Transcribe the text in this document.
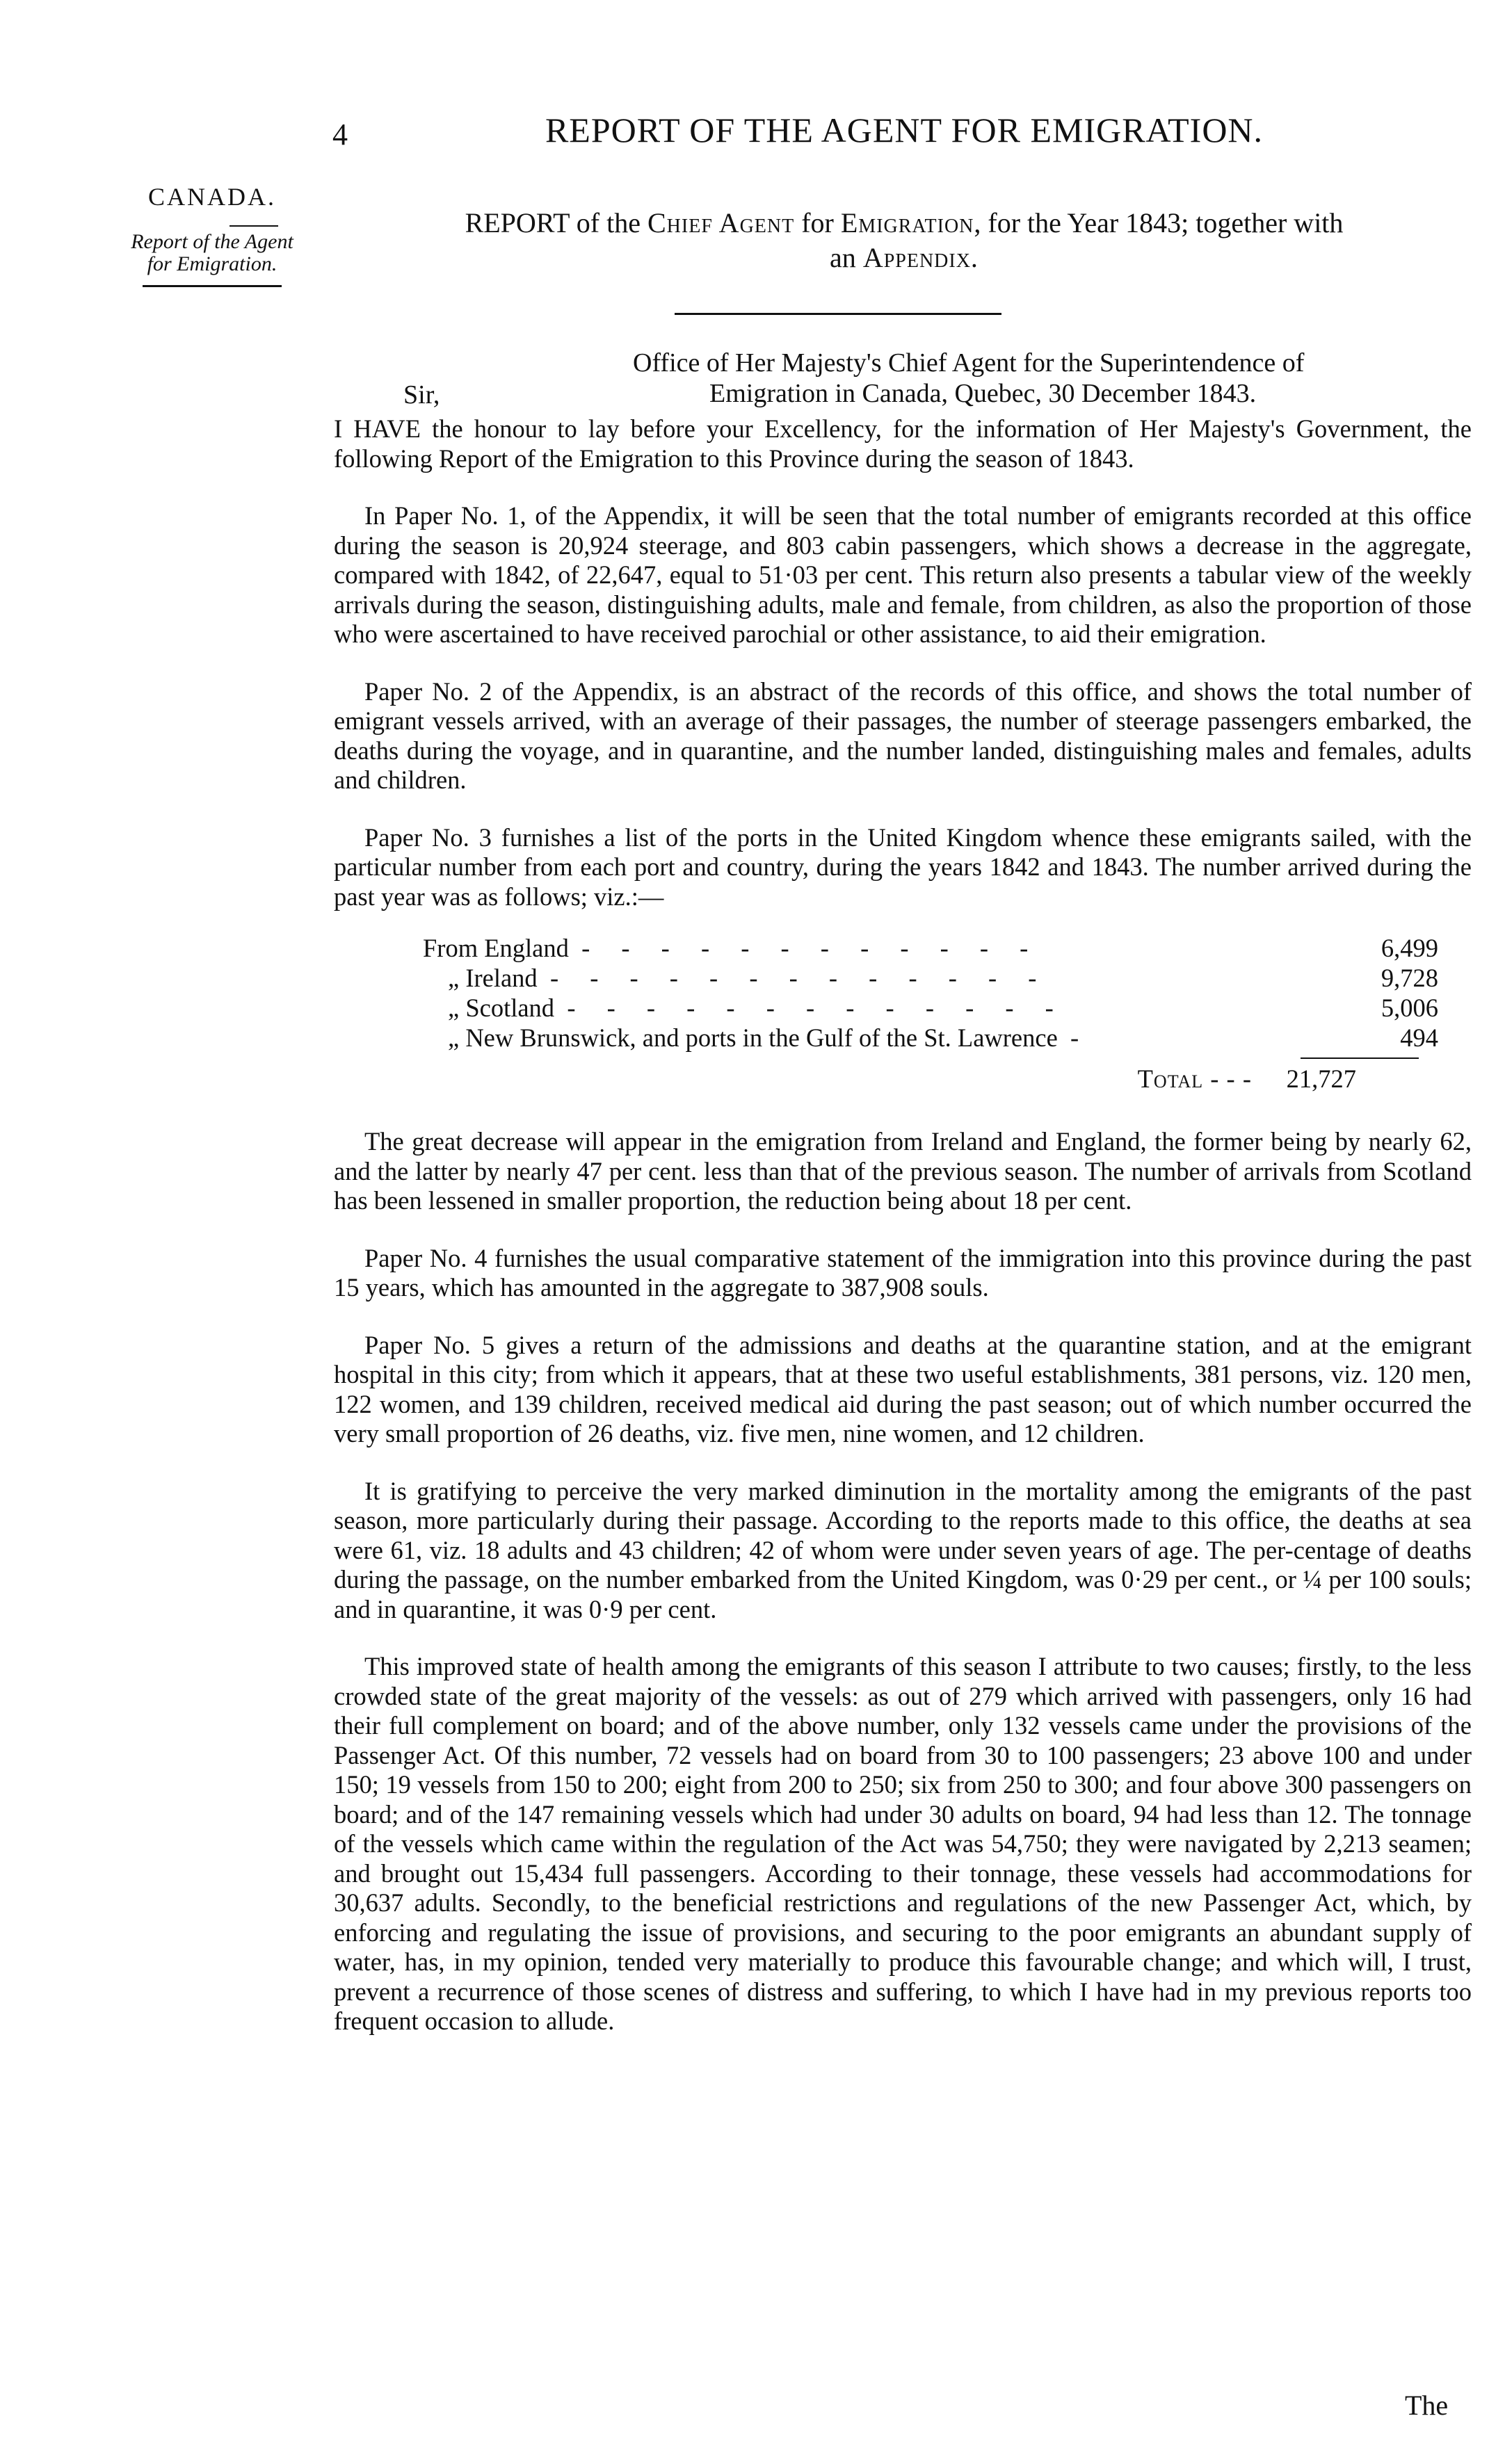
4	REPORT OF THE AGENT FOR EMIGRATION.
CANADA.
Report of the Agent
for Emigration.
REPORT of the Chief Agent for Emigration, for the Year 1843; together with
an Appendix.
Office of Her Majesty's Chief Agent for the Superintendence of
Emigration in Canada, Quebec, 30 December 1843.
Sir,

I HAVE the honour to lay before your Excellency, for the information of Her Majesty's Government, the following Report of the Emigration to this Province during the season of 1843.

In Paper No. 1, of the Appendix, it will be seen that the total number of emigrants recorded at this office during the season is 20,924 steerage, and 803 cabin passengers, which shows a decrease in the aggregate, compared with 1842, of 22,647, equal to 51·03 per cent. This return also presents a tabular view of the weekly arrivals during the season, distinguishing adults, male and female, from children, as also the proportion of those who were ascertained to have received parochial or other assistance, to aid their emigration.

Paper No. 2 of the Appendix, is an abstract of the records of this office, and shows the total number of emigrant vessels arrived, with an average of their passages, the number of steerage passengers embarked, the deaths during the voyage, and in quarantine, and the number landed, distinguishing males and females, adults and children.

Paper No. 3 furnishes a list of the ports in the United Kingdom whence these emigrants sailed, with the particular number from each port and country, during the years 1842 and 1843. The number arrived during the past year was as follows; viz.:—

From England - - - - - - - - - - - -	6,499
„ Ireland - - - - - - - - - - - - -	9,728
„ Scotland - - - - - - - - - - - - -	5,006
„ New Brunswick, and ports in the Gulf of the St. Lawrence -	494
Total - - -	21,727

The great decrease will appear in the emigration from Ireland and England, the former being by nearly 62, and the latter by nearly 47 per cent. less than that of the previous season. The number of arrivals from Scotland has been lessened in smaller proportion, the reduction being about 18 per cent.

Paper No. 4 furnishes the usual comparative statement of the immigration into this province during the past 15 years, which has amounted in the aggregate to 387,908 souls.

Paper No. 5 gives a return of the admissions and deaths at the quarantine station, and at the emigrant hospital in this city; from which it appears, that at these two useful establishments, 381 persons, viz. 120 men, 122 women, and 139 children, received medical aid during the past season; out of which number occurred the very small proportion of 26 deaths, viz. five men, nine women, and 12 children.

It is gratifying to perceive the very marked diminution in the mortality among the emigrants of the past season, more particularly during their passage. According to the reports made to this office, the deaths at sea were 61, viz. 18 adults and 43 children; 42 of whom were under seven years of age. The per-centage of deaths during the passage, on the number embarked from the United Kingdom, was 0·29 per cent., or ¼ per 100 souls; and in quarantine, it was 0·9 per cent.

This improved state of health among the emigrants of this season I attribute to two causes; firstly, to the less crowded state of the great majority of the vessels: as out of 279 which arrived with passengers, only 16 had their full complement on board; and of the above number, only 132 vessels came under the provisions of the Passenger Act. Of this number, 72 vessels had on board from 30 to 100 passengers; 23 above 100 and under 150; 19 vessels from 150 to 200; eight from 200 to 250; six from 250 to 300; and four above 300 passengers on board; and of the 147 remaining vessels which had under 30 adults on board, 94 had less than 12. The tonnage of the vessels which came within the regulation of the Act was 54,750; they were navigated by 2,213 seamen; and brought out 15,434 full passengers. According to their tonnage, these vessels had accommodations for 30,637 adults. Secondly, to the beneficial restrictions and regulations of the new Passenger Act, which, by enforcing and regulating the issue of provisions, and securing to the poor emigrants an abundant supply of water, has, in my opinion, tended very materially to produce this favourable change; and which will, I trust, prevent a recurrence of those scenes of distress and suffering, to which I have had in my previous reports too frequent occasion to allude.

The
